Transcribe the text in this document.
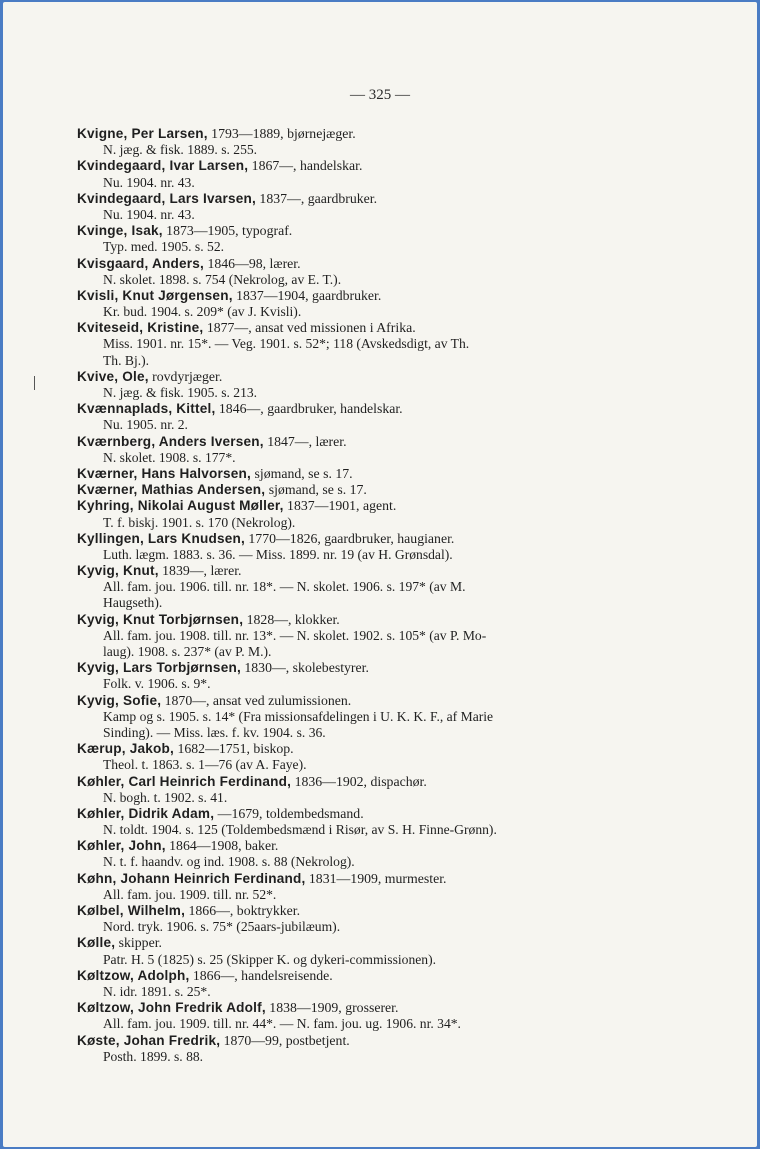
— 325 —
Kvigne, Per Larsen, 1793—1889, bjørnejæger.
N. jæg. & fisk. 1889. s. 255.
Kvindegaard, Ivar Larsen, 1867—, handelskar.
Nu. 1904. nr. 43.
Kvindegaard, Lars Ivarsen, 1837—, gaardbruker.
Nu. 1904. nr. 43.
Kvinge, Isak, 1873—1905, typograf.
Typ. med. 1905. s. 52.
Kvisgaard, Anders, 1846—98, lærer.
N. skolet. 1898. s. 754 (Nekrolog, av E. T.).
Kvisli, Knut Jørgensen, 1837—1904, gaardbruker.
Kr. bud. 1904. s. 209* (av J. Kvisli).
Kviteseid, Kristine, 1877—, ansat ved missionen i Afrika.
Miss. 1901. nr. 15*. — Veg. 1901. s. 52*; 118 (Avskedsdigt, av Th.
Th. Bj.).
Kvive, Ole, rovdyrjæger.
N. jæg. & fisk. 1905. s. 213.
Kvænnaplads, Kittel, 1846—, gaardbruker, handelskar.
Nu. 1905. nr. 2.
Kværnberg, Anders Iversen, 1847—, lærer.
N. skolet. 1908. s. 177*.
Kværner, Hans Halvorsen, sjømand, se s. 17.
Kværner, Mathias Andersen, sjømand, se s. 17.
Kyhring, Nikolai August Møller, 1837—1901, agent.
T. f. biskj. 1901. s. 170 (Nekrolog).
Kyllingen, Lars Knudsen, 1770—1826, gaardbruker, haugianer.
Luth. lægm. 1883. s. 36. — Miss. 1899. nr. 19 (av H. Grønsdal).
Kyvig, Knut, 1839—, lærer.
All. fam. jou. 1906. till. nr. 18*. — N. skolet. 1906. s. 197* (av M.
Haugseth).
Kyvig, Knut Torbjørnsen, 1828—, klokker.
All. fam. jou. 1908. till. nr. 13*. — N. skolet. 1902. s. 105* (av P. Mo-
laug). 1908. s. 237* (av P. M.).
Kyvig, Lars Torbjørnsen, 1830—, skolebestyrer.
Folk. v. 1906. s. 9*.
Kyvig, Sofie, 1870—, ansat ved zulumissionen.
Kamp og s. 1905. s. 14* (Fra missionsafdelingen i U. K. K. F., af Marie
Sinding). — Miss. læs. f. kv. 1904. s. 36.
Kærup, Jakob, 1682—1751, biskop.
Theol. t. 1863. s. 1—76 (av A. Faye).
Køhler, Carl Heinrich Ferdinand, 1836—1902, dispachør.
N. bogh. t. 1902. s. 41.
Køhler, Didrik Adam, —1679, toldembedsmand.
N. toldt. 1904. s. 125 (Toldembedsmænd i Risør, av S. H. Finne-Grønn).
Køhler, John, 1864—1908, baker.
N. t. f. haandv. og ind. 1908. s. 88 (Nekrolog).
Køhn, Johann Heinrich Ferdinand, 1831—1909, murmester.
All. fam. jou. 1909. till. nr. 52*.
Kølbel, Wilhelm, 1866—, boktrykker.
Nord. tryk. 1906. s. 75* (25aars-jubilæum).
Kølle, skipper.
Patr. H. 5 (1825) s. 25 (Skipper K. og dykeri-commissionen).
Køltzow, Adolph, 1866—, handelsreisende.
N. idr. 1891. s. 25*.
Køltzow, John Fredrik Adolf, 1838—1909, grosserer.
All. fam. jou. 1909. till. nr. 44*. — N. fam. jou. ug. 1906. nr. 34*.
Køste, Johan Fredrik, 1870—99, postbetjent.
Posth. 1899. s. 88.
